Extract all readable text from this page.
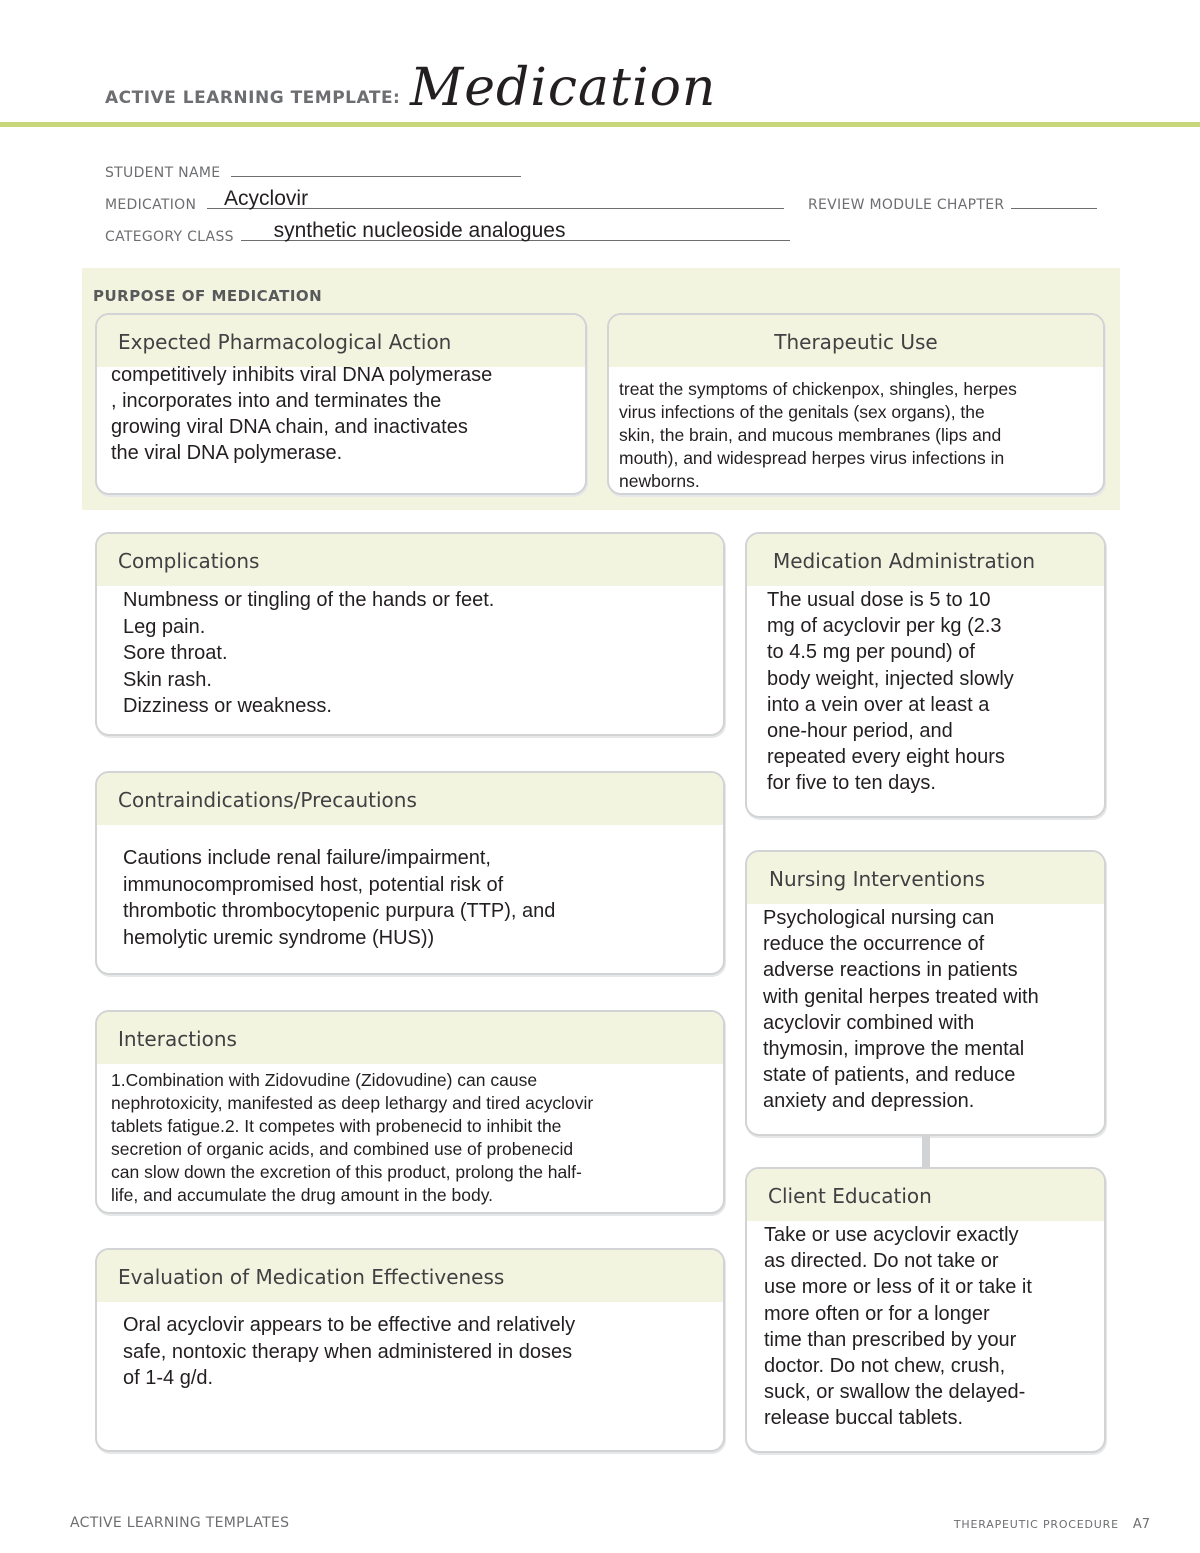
ACTIVE LEARNING TEMPLATE: Medication
STUDENT NAME
MEDICATION Acyclovir	REVIEW MODULE CHAPTER
CATEGORY CLASS synthetic nucleoside analogues
PURPOSE OF MEDICATION
Expected Pharmacological Action
competitively inhibits viral DNA polymerase
, incorporates into and terminates the
growing viral DNA chain, and inactivates
the viral DNA polymerase.
Therapeutic Use
treat the symptoms of chickenpox, shingles, herpes
virus infections of the genitals (sex organs), the
skin, the brain, and mucous membranes (lips and
mouth), and widespread herpes virus infections in
newborns.
Complications
Numbness or tingling of the hands or feet.
Leg pain.
Sore throat.
Skin rash.
Dizziness or weakness.
Contraindications/Precautions
Cautions include renal failure/impairment,
immunocompromised host, potential risk of
thrombotic thrombocytopenic purpura (TTP), and
hemolytic uremic syndrome (HUS))
Interactions
1.Combination with Zidovudine (Zidovudine) can cause
nephrotoxicity, manifested as deep lethargy and tired acyclovir
tablets fatigue.2. It competes with probenecid to inhibit the
secretion of organic acids, and combined use of probenecid
can slow down the excretion of this product, prolong the half-
life, and accumulate the drug amount in the body.
Evaluation of Medication Effectiveness
Oral acyclovir appears to be effective and relatively
safe, nontoxic therapy when administered in doses
of 1-4 g/d.
Medication Administration
The usual dose is 5 to 10
mg of acyclovir per kg (2.3
to 4.5 mg per pound) of
body weight, injected slowly
into a vein over at least a
one-hour period, and
repeated every eight hours
for five to ten days.
Nursing Interventions
Psychological nursing can
reduce the occurrence of
adverse reactions in patients
with genital herpes treated with
acyclovir combined with
thymosin, improve the mental
state of patients, and reduce
anxiety and depression.
Client Education
Take or use acyclovir exactly
as directed. Do not take or
use more or less of it or take it
more often or for a longer
time than prescribed by your
doctor. Do not chew, crush,
suck, or swallow the delayed-
release buccal tablets.
ACTIVE LEARNING TEMPLATES	THERAPEUTIC PROCEDURE A7
